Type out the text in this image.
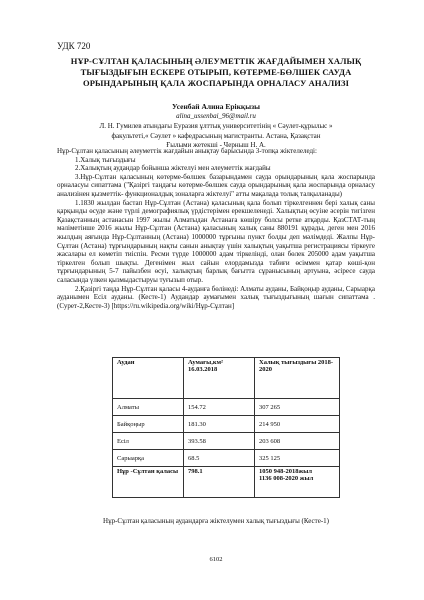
УДК 720
НҰР-СҰЛТАН ҚАЛАСЫНЫҢ ӘЛЕУМЕТТІК ЖАҒДАЙЫМЕН ХАЛЫҚ ТЫҒЫЗДЫҒЫН ЕСКЕРЕ ОТЫРЫП, КӨТЕРМЕ-БӨЛШЕК САУДА ОРЫНДАРЫНЫҢ ҚАЛА ЖОСПАРЫНДА ОРНАЛАСУ АНАЛИЗІ
Усенбай Алина Ерікқызы
alina_ussenbai_96@mail.ru
Л. Н. Гумилев атындағы Еуразия ұлттық университетінің « Сәулет-құрылыс »
факультеті,« Сәулет » кафедрасының магистранты. Астана, Қазақстан
Ғылыми жетекші - Черныш Н. А.

Нұр-Сұлтан қаласының әлеуметтік жағдайын анықтау барысында 3-топқа жіктелеледі:

1.Халық тығыздығы

2.Халықтың аудандар бойынша жіктелуі мен әлеуметтік жағдайы

3.Нұр-Сұлтан қаласының көтерме-бөлшек базарындамен сауда орындарының қала жоспарында орналасуы сипаттама ("Қазіргі таңдағы көтерме-бөлшек сауда орындарының қала жоспарында орналасу анализінен қызметтік- функционалдық зоналарға жіктелуі" атты мақалада толық талқыланады)

1.1830 жылдан бастап Нұр-Сұлтан (Астана) қаласының қала болып тіркелгеннен бері халық саны қарқынды өсуде және түрлі демографиялық үрдістерімен ерекшеленеді. Халықтың өсуіне әсерін тигізген Қазақстанның астанасын 1997 жылы Алматыдан Астанаға көшіру болсы ретке атқарды. ҚазСТАТ-тың мәліметінше 2016 жылы Нұр-Сұлтан (Астана) қаласының халық саны 880191 құрады, деген мен 2016 жылдың аяғында Нұр-Сұлтанның (Астана) 1000000 тұрғыны пункт болды деп мәлімдеді. Жалпы Нұр-Сұлтан (Астана) тұрғындарының нақты санын анықтау үшін халықтың уақытша регистрациясы тіркеуге жасалары ел көметіп тиіспін. Ресми түрде 1000000 адам тіркелінді, олан бөлек 205000 адам уақытша тіркелген болып шықты. Дегенімен жыл сайын елордамызда табиғи өсіммен қатар көші-қон тұрғындарының 5-7 пайызбен өсуі, халықтың барлық бағытта сұранысының артуына, әсіресе сауда саласында үлкен қызмыдастыруы туғызып отыр.

2.Қазіргі таңда Нұр-Сұлтан қаласы 4-ауданға бөлінеді: Алматы ауданы, Байқоңыр ауданы, Сарыарқа ауданымен Есіл ауданы. (Кесте-1) Аудандар аумағымен халық тығыздығының шағын сипаттама .(Сурет-2,Кесте-3) [https://ru.wikipedia.org/wiki/Нұр-Сұлтан]

Аудан	Аумағы,км² 16.03.2018	Халық тығыздығы 2018-2020
Алматы	154.72	307 265
Байқоңыр	181.30	214 950
Есіл	393.58	203 608
Сарыарқа	68.5	325 125
Нұр -Сұлтан қаласы	798.1	1050 948-2018жыл
1136 008-2020 жыл
Нұр-Сұлтан қаласының аудандарға жіктелумен халық тығыздығы (Кесте-1)
6102
